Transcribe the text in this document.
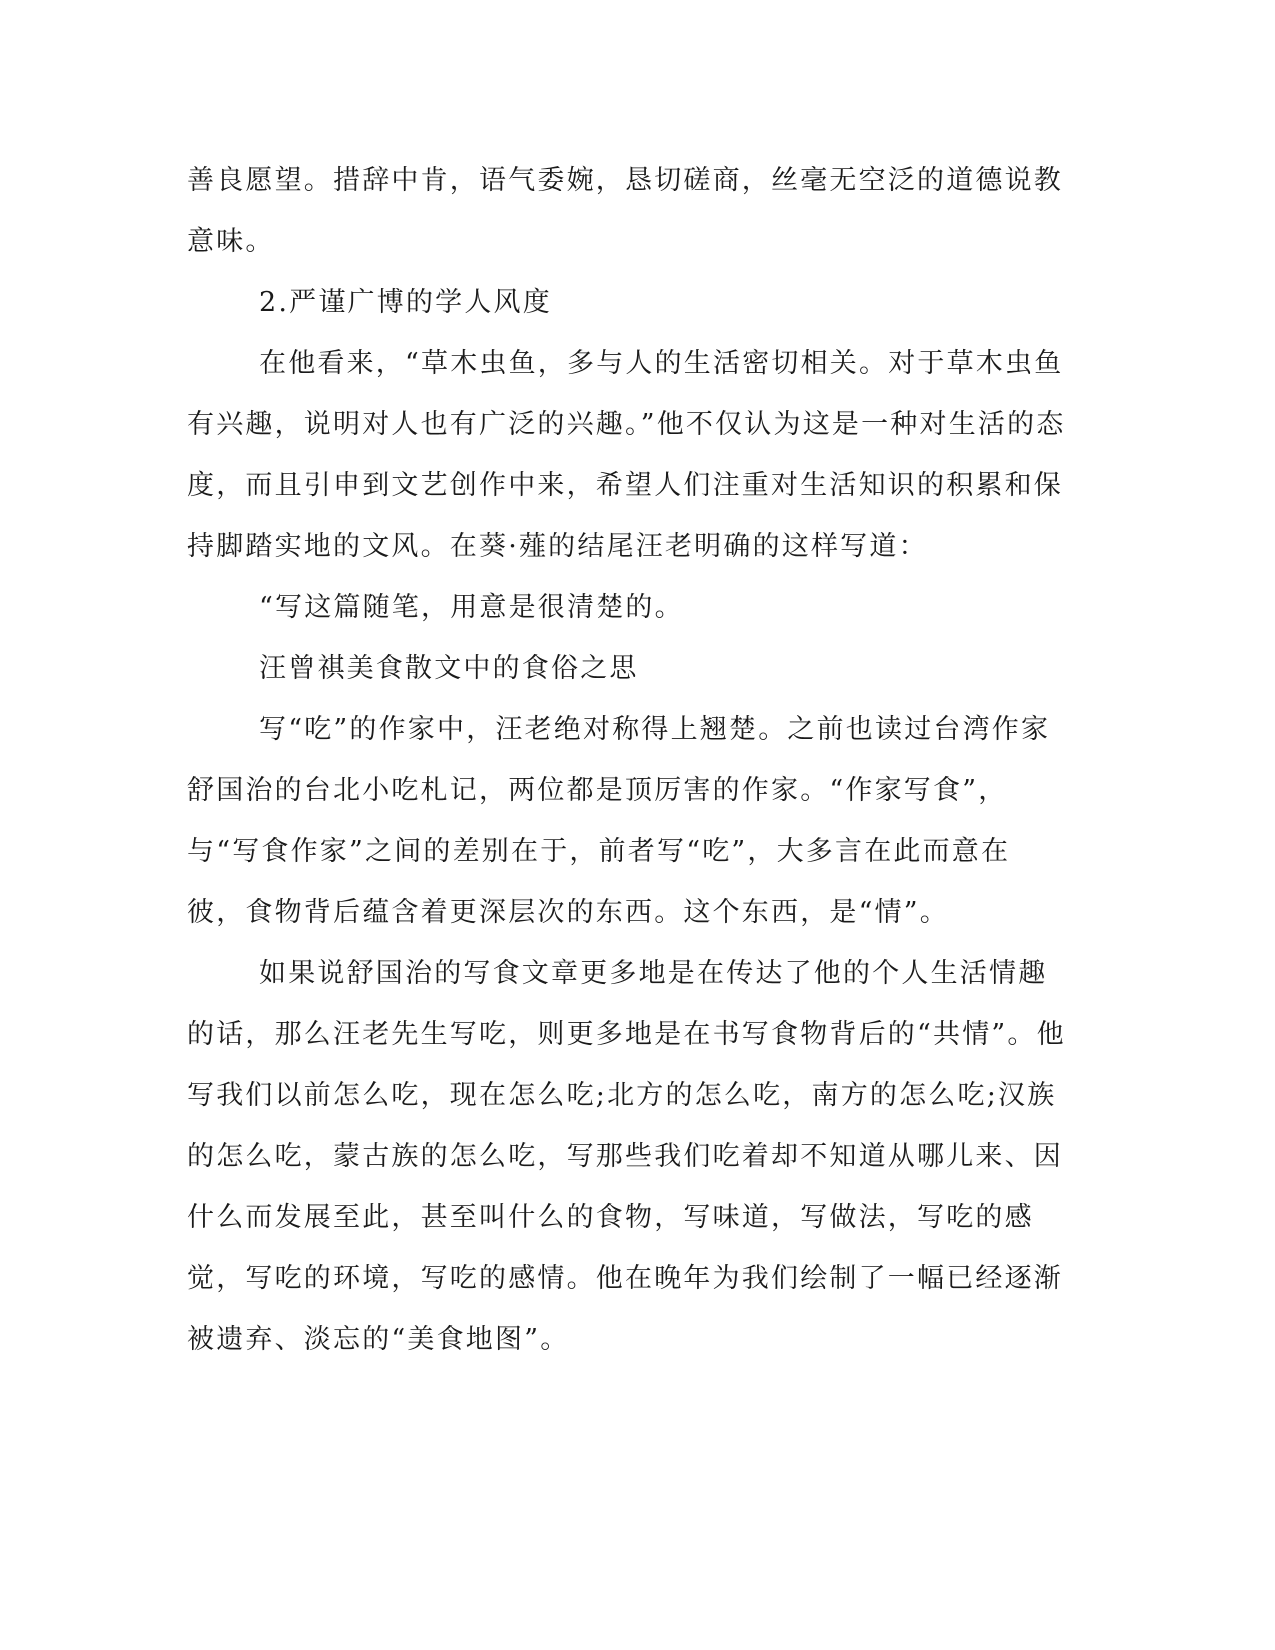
善良愿望。措辞中肯，语气委婉，恳切磋商，丝毫无空泛的道德说教意味。

2.严谨广博的学人风度

在他看来，“草木虫鱼，多与人的生活密切相关。对于草木虫鱼有兴趣，说明对人也有广泛的兴趣。”他不仅认为这是一种对生活的态度，而且引申到文艺创作中来，希望人们注重对生活知识的积累和保持脚踏实地的文风。在葵·薤的结尾汪老明确的这样写道：

“写这篇随笔，用意是很清楚的。

汪曾祺美食散文中的食俗之思

写“吃”的作家中，汪老绝对称得上翘楚。之前也读过台湾作家舒国治的台北小吃札记，两位都是顶厉害的作家。“作家写食”，与“写食作家”之间的差别在于，前者写“吃”，大多言在此而意在彼，食物背后蕴含着更深层次的东西。这个东西，是“情”。

如果说舒国治的写食文章更多地是在传达了他的个人生活情趣的话，那么汪老先生写吃，则更多地是在书写食物背后的“共情”。他写我们以前怎么吃，现在怎么吃;北方的怎么吃，南方的怎么吃;汉族的怎么吃，蒙古族的怎么吃，写那些我们吃着却不知道从哪儿来、因什么而发展至此，甚至叫什么的食物，写味道，写做法，写吃的感觉，写吃的环境，写吃的感情。他在晚年为我们绘制了一幅已经逐渐被遗弃、淡忘的“美食地图”。
